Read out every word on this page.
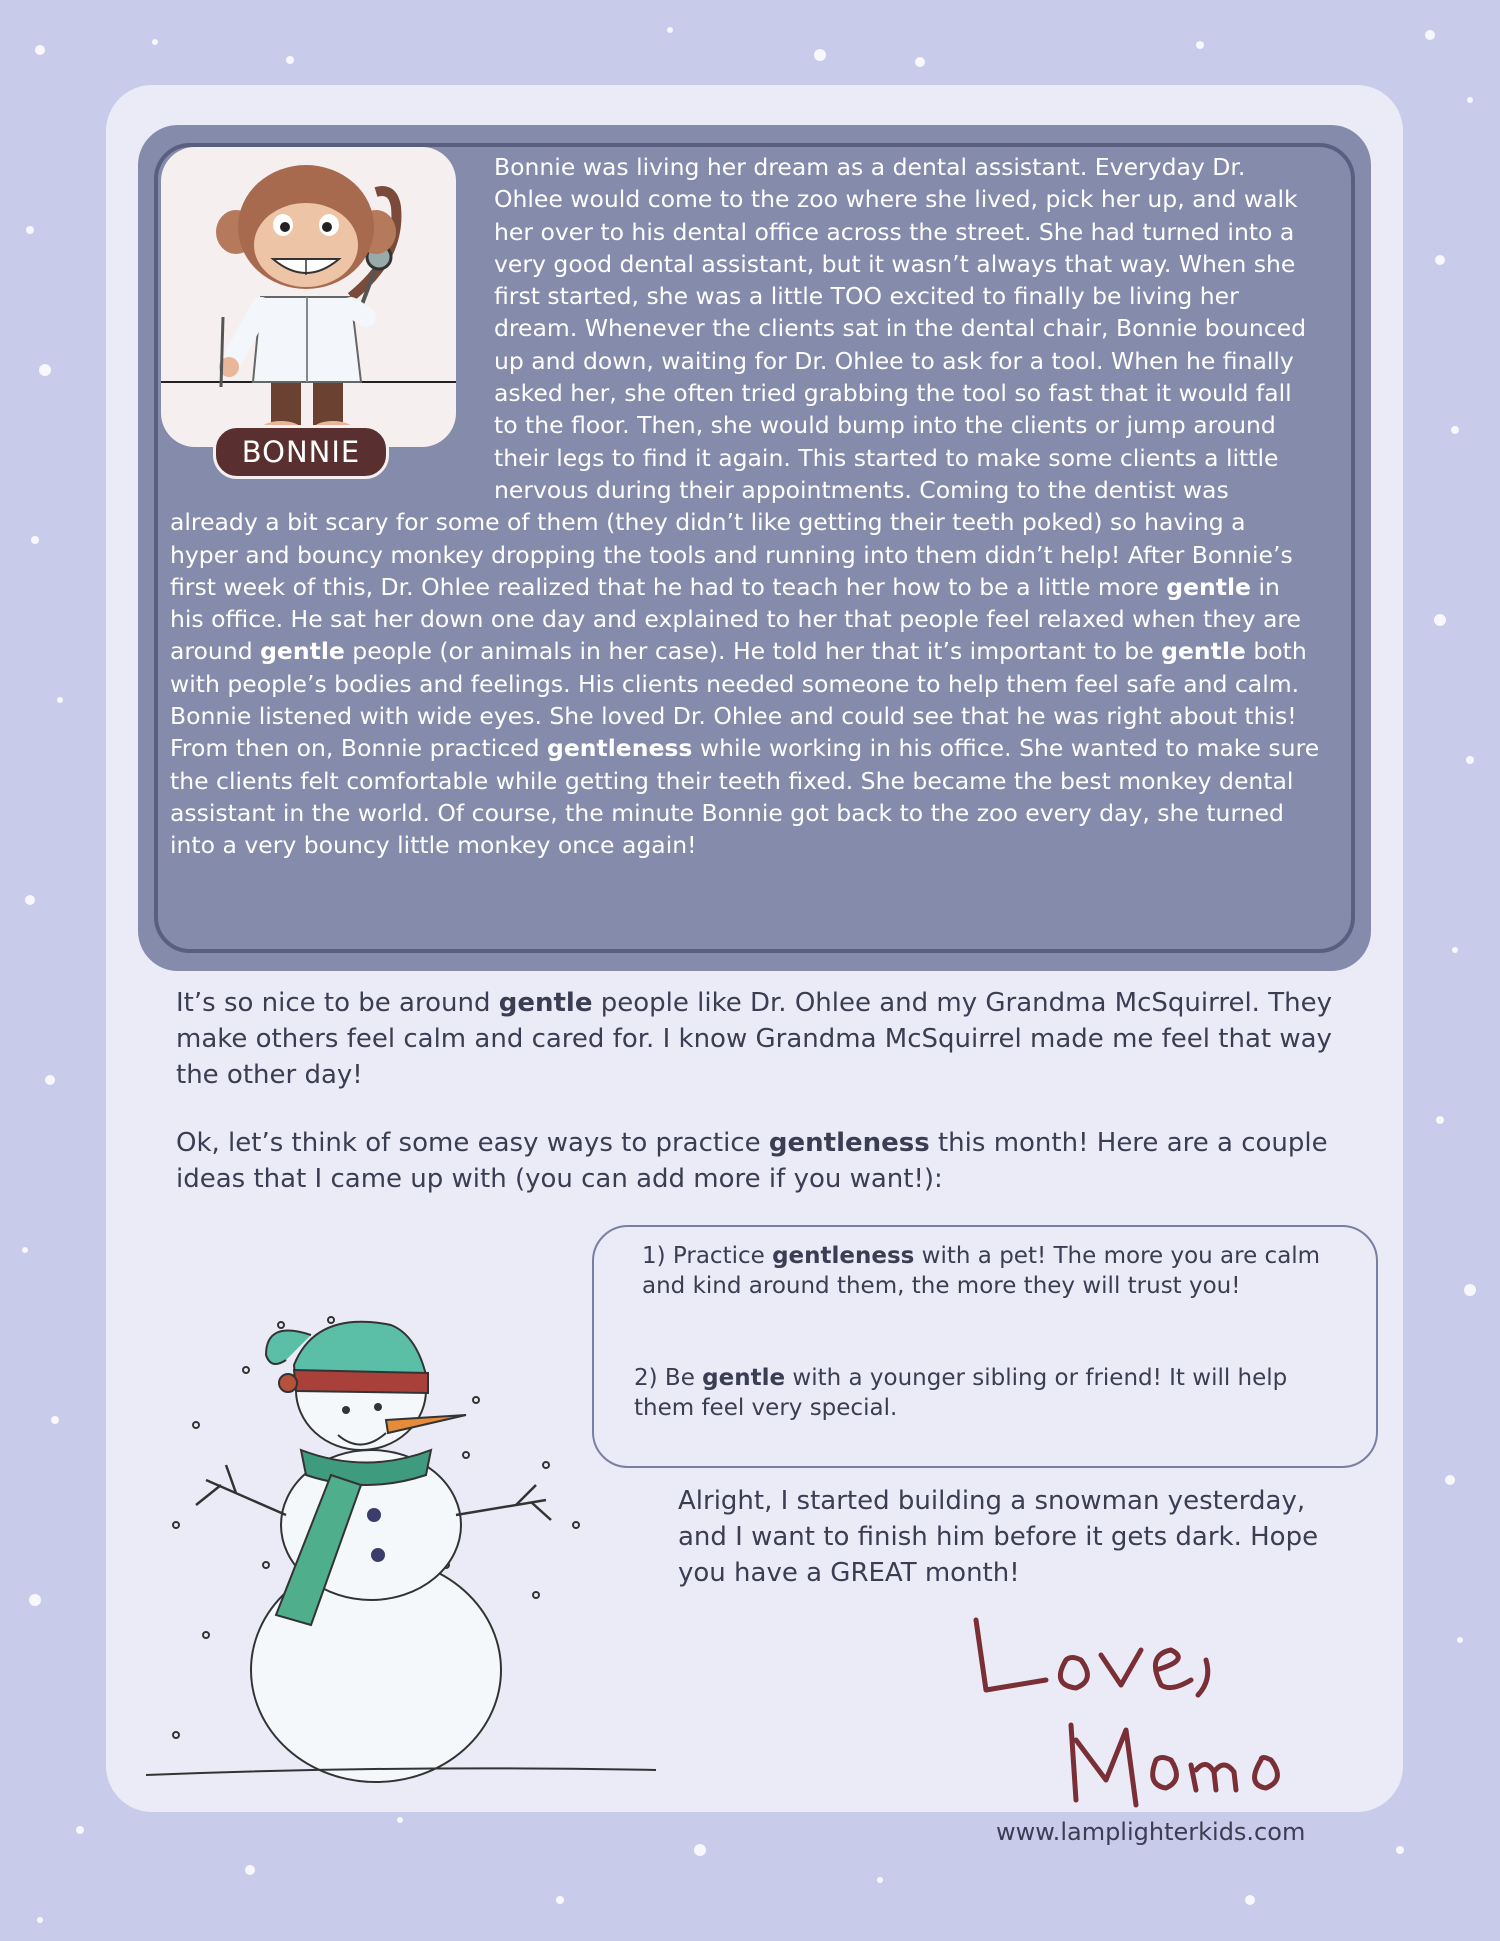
BONNIE

Bonnie was living her dream as a dental assistant. Everyday Dr. Ohlee would come to the zoo where she lived, pick her up, and walk her over to his dental office across the street. She had turned into a very good dental assistant, but it wasn’t always that way. When she first started, she was a little TOO excited to finally be living her dream. Whenever the clients sat in the dental chair, Bonnie bounced up and down, waiting for Dr. Ohlee to ask for a tool. When he finally asked her, she often tried grabbing the tool so fast that it would fall to the floor. Then, she would bump into the clients or jump around their legs to find it again. This started to make some clients a little nervous during their appointments. Coming to the dentist was already a bit scary for some of them (they didn’t like getting their teeth poked) so having a hyper and bouncy monkey dropping the tools and running into them didn’t help! After Bonnie’s first week of this, Dr. Ohlee realized that he had to teach her how to be a little more gentle in his office. He sat her down one day and explained to her that people feel relaxed when they are around gentle people (or animals in her case). He told her that it’s important to be gentle both with people’s bodies and feelings. His clients needed someone to help them feel safe and calm. Bonnie listened with wide eyes. She loved Dr. Ohlee and could see that he was right about this! From then on, Bonnie practiced gentleness while working in his office. She wanted to make sure the clients felt comfortable while getting their teeth fixed. She became the best monkey dental assistant in the world. Of course, the minute Bonnie got back to the zoo every day, she turned into a very bouncy little monkey once again!

It’s so nice to be around gentle people like Dr. Ohlee and my Grandma McSquirrel. They make others feel calm and cared for. I know Grandma McSquirrel made me feel that way the other day!

Ok, let’s think of some easy ways to practice gentleness this month! Here are a couple ideas that I came up with (you can add more if you want!):

1) Practice gentleness with a pet! The more you are calm and kind around them, the more they will trust you!

2) Be gentle with a younger sibling or friend! It will help them feel very special.

Alright, I started building a snowman yesterday, and I want to finish him before it gets dark. Hope you have a GREAT month!

www.lamplighterkids.com
